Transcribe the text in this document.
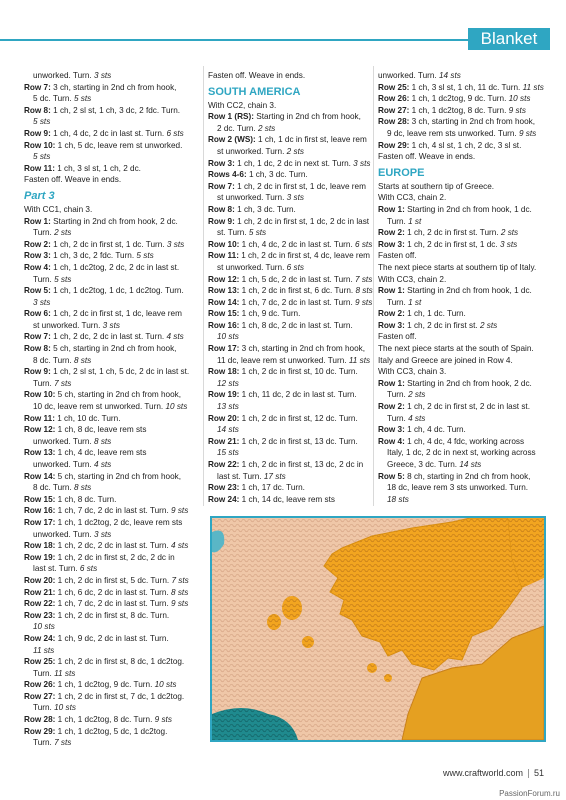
Blanket
unworked. Turn. 3 sts
Row 7: 3 ch, starting in 2nd ch from hook,
5 dc. Turn. 5 sts
Row 8: 1 ch, 2 sl st, 1 ch, 3 dc, 2 fdc. Turn.
5 sts
Row 9: 1 ch, 4 dc, 2 dc in last st. Turn. 6 sts
Row 10: 1 ch, 5 dc, leave rem st unworked.
5 sts
Row 11: 1 ch, 3 sl st, 1 ch, 2 dc.
Fasten off. Weave in ends.
Part 3
With CC1, chain 3.
Row 1: Starting in 2nd ch from hook, 2 dc.
Turn. 2 sts
Row 2: 1 ch, 2 dc in first st, 1 dc. Turn. 3 sts
Row 3: 1 ch, 3 dc, 2 fdc. Turn. 5 sts
Row 4: 1 ch, 1 dc2tog, 2 dc, 2 dc in last st.
Turn. 5 sts
Row 5: 1 ch, 1 dc2tog, 1 dc, 1 dc2tog. Turn.
3 sts
Row 6: 1 ch, 2 dc in first st, 1 dc, leave rem
st unworked. Turn. 3 sts
Row 7: 1 ch, 2 dc, 2 dc in last st. Turn. 4 sts
Row 8: 5 ch, starting in 2nd ch from hook,
8 dc. Turn. 8 sts
Row 9: 1 ch, 2 sl st, 1 ch, 5 dc, 2 dc in last st.
Turn. 7 sts
Row 10: 5 ch, starting in 2nd ch from hook,
10 dc, leave rem st unworked. Turn. 10 sts
Row 11: 1 ch, 10 dc. Turn.
Row 12: 1 ch, 8 dc, leave rem sts
unworked. Turn. 8 sts
Row 13: 1 ch, 4 dc, leave rem sts
unworked. Turn. 4 sts
Row 14: 5 ch, starting in 2nd ch from hook,
8 dc. Turn. 8 sts
Row 15: 1 ch, 8 dc. Turn.
Row 16: 1 ch, 7 dc, 2 dc in last st. Turn. 9 sts
Row 17: 1 ch, 1 dc2tog, 2 dc, leave rem sts
unworked. Turn. 3 sts
Row 18: 1 ch, 2 dc, 2 dc in last st. Turn. 4 sts
Row 19: 1 ch, 2 dc in first st, 2 dc, 2 dc in
last st. Turn. 6 sts
Row 20: 1 ch, 2 dc in first st, 5 dc. Turn. 7 sts
Row 21: 1 ch, 6 dc, 2 dc in last st. Turn. 8 sts
Row 22: 1 ch, 7 dc, 2 dc in last st. Turn. 9 sts
Row 23: 1 ch, 2 dc in first st, 8 dc. Turn.
10 sts
Row 24: 1 ch, 9 dc, 2 dc in last st. Turn.
11 sts
Row 25: 1 ch, 2 dc in first st, 8 dc, 1 dc2tog.
Turn. 11 sts
Row 26: 1 ch, 1 dc2tog, 9 dc. Turn. 10 sts
Row 27: 1 ch, 2 dc in first st, 7 dc, 1 dc2tog.
Turn. 10 sts
Row 28: 1 ch, 1 dc2tog, 8 dc. Turn. 9 sts
Row 29: 1 ch, 1 dc2tog, 5 dc, 1 dc2tog.
Turn. 7 sts
Fasten off. Weave in ends.
SOUTH AMERICA
With CC2, chain 3.
Row 1 (RS): Starting in 2nd ch from hook,
2 dc. Turn. 2 sts
Row 2 (WS): 1 ch, 1 dc in first st, leave rem
st unworked. Turn. 2 sts
Row 3: 1 ch, 1 dc, 2 dc in next st. Turn. 3 sts
Rows 4-6: 1 ch, 3 dc. Turn.
Row 7: 1 ch, 2 dc in first st, 1 dc, leave rem
st unworked. Turn. 3 sts
Row 8: 1 ch, 3 dc. Turn.
Row 9: 1 ch, 2 dc in first st, 1 dc, 2 dc in last
st. Turn. 5 sts
Row 10: 1 ch, 4 dc, 2 dc in last st. Turn. 6 sts
Row 11: 1 ch, 2 dc in first st, 4 dc, leave rem
st unworked. Turn. 6 sts
Row 12: 1 ch, 5 dc, 2 dc in last st. Turn. 7 sts
Row 13: 1 ch, 2 dc in first st, 6 dc. Turn. 8 sts
Row 14: 1 ch, 7 dc, 2 dc in last st. Turn. 9 sts
Row 15: 1 ch, 9 dc. Turn.
Row 16: 1 ch, 8 dc, 2 dc in last st. Turn.
10 sts
Row 17: 3 ch, starting in 2nd ch from hook,
11 dc, leave rem st unworked. Turn. 11 sts
Row 18: 1 ch, 2 dc in first st, 10 dc. Turn.
12 sts
Row 19: 1 ch, 11 dc, 2 dc in last st. Turn.
13 sts
Row 20: 1 ch, 2 dc in first st, 12 dc. Turn.
14 sts
Row 21: 1 ch, 2 dc in first st, 13 dc. Turn.
15 sts
Row 22: 1 ch, 2 dc in first st, 13 dc, 2 dc in
last st. Turn. 17 sts
Row 23: 1 ch, 17 dc. Turn.
Row 24: 1 ch, 14 dc, leave rem sts
unworked. Turn. 14 sts
Row 25: 1 ch, 3 sl st, 1 ch, 11 dc. Turn. 11 sts
Row 26: 1 ch, 1 dc2tog, 9 dc. Turn. 10 sts
Row 27: 1 ch, 1 dc2tog, 8 dc. Turn. 9 sts
Row 28: 3 ch, starting in 2nd ch from hook,
9 dc, leave rem sts unworked. Turn. 9 sts
Row 29: 1 ch, 4 sl st, 1 ch, 2 dc, 3 sl st.
Fasten off. Weave in ends.
EUROPE
Starts at southern tip of Greece.
With CC3, chain 2.
Row 1: Starting in 2nd ch from hook, 1 dc.
Turn. 1 st
Row 2: 1 ch, 2 dc in first st. Turn. 2 sts
Row 3: 1 ch, 2 dc in first st, 1 dc. 3 sts
Fasten off.
The next piece starts at southern tip of Italy.
With CC3, chain 2.
Row 1: Starting in 2nd ch from hook, 1 dc.
Turn. 1 st
Row 2: 1 ch, 1 dc. Turn.
Row 3: 1 ch, 2 dc in first st. 2 sts
Fasten off.
The next piece starts at the south of Spain.
Italy and Greece are joined in Row 4.
With CC3, chain 3.
Row 1: Starting in 2nd ch from hook, 2 dc.
Turn. 2 sts
Row 2: 1 ch, 2 dc in first st, 2 dc in last st.
Turn. 4 sts
Row 3: 1 ch, 4 dc. Turn.
Row 4: 1 ch, 4 dc, 4 fdc, working across
Italy, 1 dc, 2 dc in next st, working across
Greece, 3 dc. Turn. 14 sts
Row 5: 8 ch, starting in 2nd ch from hook,
18 dc, leave rem 3 sts unworked. Turn.
18 sts
www.craftworld.com 51
PassionForum.ru
